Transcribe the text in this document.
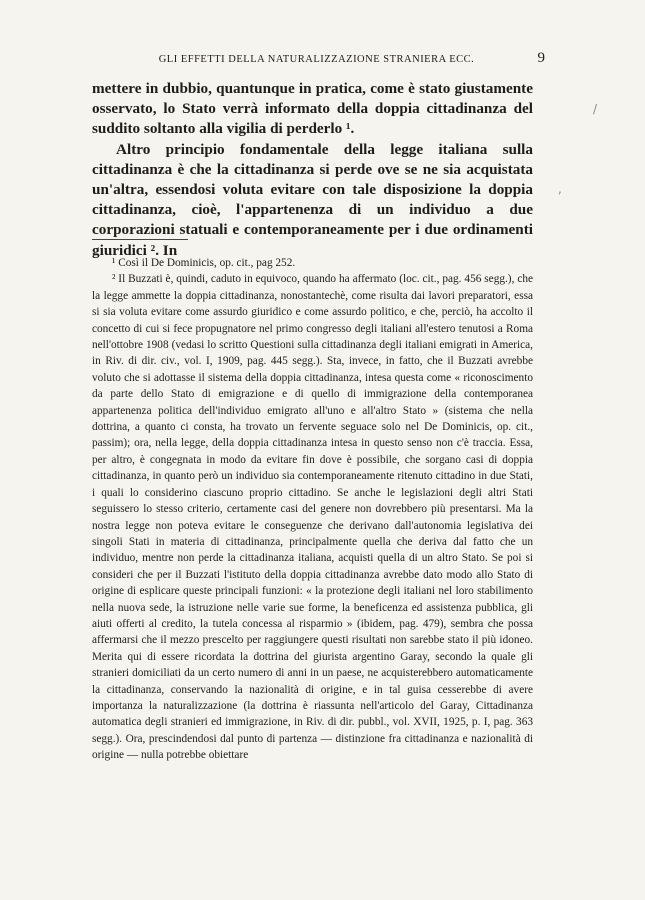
GLI EFFETTI DELLA NATURALIZZAZIONE STRANIERA ECC.	9

mettere in dubbio, quantunque in pratica, come è stato giustamente osservato, lo Stato verrà informato della doppia cittadinanza del suddito soltanto alla vigilia di perderlo ¹.

Altro principio fondamentale della legge italiana sulla cittadinanza è che la cittadinanza si perde ove se ne sia acquistata un'altra, essendosi voluta evitare con tale disposizione la doppia cittadinanza, cioè, l'appartenenza di un individuo a due corporazioni statuali e contemporaneamente per i due ordinamenti giuridici ². In

¹ Così il De Dominicis, op. cit., pag 252.

² Il Buzzati è, quindi, caduto in equivoco, quando ha affermato (loc. cit., pag. 456 segg.), che la legge ammette la doppia cittadinanza, nonostantechè, come risulta dai lavori preparatori, essa si sia voluta evitare come assurdo giuridico e come assurdo politico, e che, perciò, ha accolto il concetto di cui si fece propugnatore nel primo congresso degli italiani all'estero tenutosi a Roma nell'ottobre 1908 (vedasi lo scritto Questioni sulla cittadinanza degli italiani emigrati in America, in Riv. di dir. civ., vol. I, 1909, pag. 445 segg.). Sta, invece, in fatto, che il Buzzati avrebbe voluto che si adottasse il sistema della doppia cittadinanza, intesa questa come « riconoscimento da parte dello Stato di emigrazione e di quello di immigrazione della contemporanea appartenenza politica dell'individuo emigrato all'uno e all'altro Stato » (sistema che nella dottrina, a quanto ci consta, ha trovato un fervente seguace solo nel De Dominicis, op. cit., passim); ora, nella legge, della doppia cittadinanza intesa in questo senso non c'è traccia. Essa, per altro, è congegnata in modo da evitare fin dove è possibile, che sorgano casi di doppia cittadinanza, in quanto però un individuo sia contemporaneamente ritenuto cittadino in due Stati, i quali lo considerino ciascuno proprio cittadino. Se anche le legislazioni degli altri Stati seguissero lo stesso criterio, certamente casi del genere non dovrebbero più presentarsi. Ma la nostra legge non poteva evitare le conseguenze che derivano dall'autonomia legislativa dei singoli Stati in materia di cittadinanza, principalmente quella che deriva dal fatto che un individuo, mentre non perde la cittadinanza italiana, acquisti quella di un altro Stato. Se poi si consideri che per il Buzzati l'istituto della doppia cittadinanza avrebbe dato modo allo Stato di origine di esplicare queste principali funzioni: « la protezione degli italiani nel loro stabilimento nella nuova sede, la istruzione nelle varie sue forme, la beneficenza ed assistenza pubblica, gli aiuti offerti al credito, la tutela concessa al risparmio » (ibidem, pag. 479), sembra che possa affermarsi che il mezzo prescelto per raggiungere questi risultati non sarebbe stato il più idoneo. Merita qui di essere ricordata la dottrina del giurista argentino Garay, secondo la quale gli stranieri domiciliati da un certo numero di anni in un paese, ne acquisterebbero automaticamente la cittadinanza, conservando la nazionalità di origine, e in tal guisa cesserebbe di avere importanza la naturalizzazione (la dottrina è riassunta nell'articolo del Garay, Cittadinanza automatica degli stranieri ed immigrazione, in Riv. di dir. pubbl., vol. XVII, 1925, p. I, pag. 363 segg.). Ora, prescindendosi dal punto di partenza — distinzione fra cittadinanza e nazionalità di origine — nulla potrebbe obiettare

/
,
